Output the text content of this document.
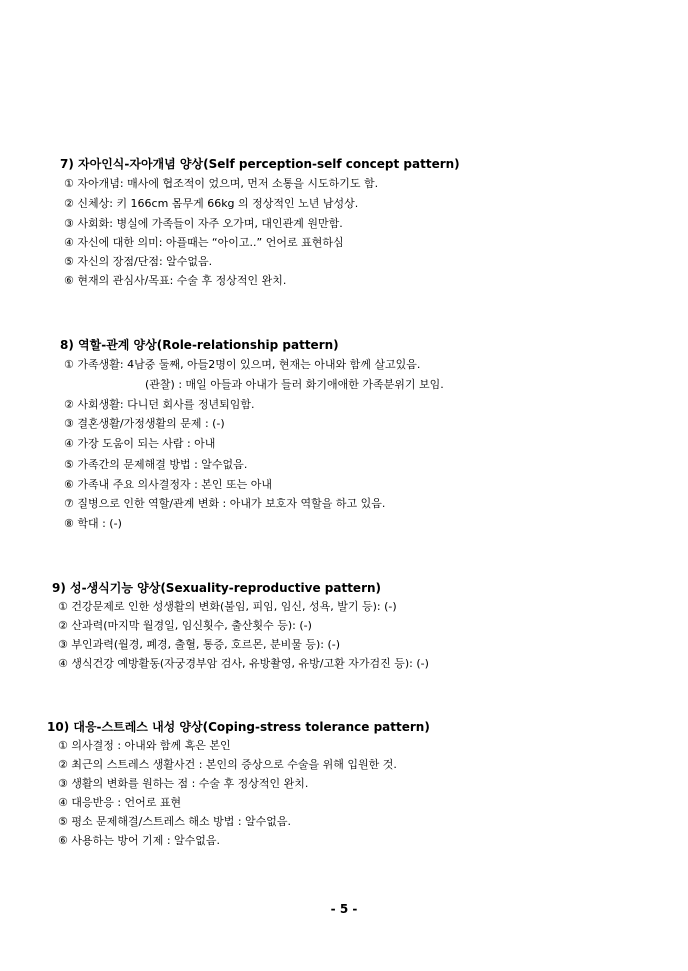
7) 자아인식-자아개념 양상(Self perception-self concept pattern)
① 자아개념: 매사에 협조적이 었으며, 먼저 소통을 시도하기도 함.
② 신체상: 키 166cm 몸무게 66kg 의 정상적인 노년 남성상.
③ 사회화: 병실에 가족들이 자주 오가며, 대인관계 원만함.
④ 자신에 대한 의미: 아플때는 “아이고..” 언어로 표현하심
⑤ 자신의 장점/단점: 알수없음.
⑥ 현재의 관심사/목표: 수술 후 정상적인 완치.
8) 역할-관계 양상(Role-relationship pattern)
① 가족생활: 4남중 둘째, 아들2명이 있으며, 현재는 아내와 함께 살고있음.
(관찰) : 매일 아들과 아내가 들러 화기애애한 가족분위기 보임.
② 사회생활: 다니던 회사를 정년퇴임함.
③ 결혼생활/가정생활의 문제 : (-)
④ 가장 도움이 되는 사람 : 아내
⑤ 가족간의 문제해결 방법 : 알수없음.
⑥ 가족내 주요 의사결정자 : 본인 또는 아내
⑦ 질병으로 인한 역할/관계 변화 : 아내가 보호자 역할을 하고 있음.
⑧ 학대 : (-)
9) 성-생식기능 양상(Sexuality-reproductive pattern)
① 건강문제로 인한 성생활의 변화(불임, 피임, 임신, 성욕, 발기 등): (-)
② 산과력(마지막 월경일, 임신횟수, 출산횟수 등): (-)
③ 부인과력(월경, 폐경, 출혈, 통증, 호르몬, 분비물 등): (-)
④ 생식건강 예방활동(자궁경부암 검사, 유방촬영, 유방/고환 자가검진 등): (-)
10) 대응-스트레스 내성 양상(Coping-stress tolerance pattern)
① 의사결정 : 아내와 함께 혹은 본인
② 최근의 스트레스 생활사건 : 본인의 증상으로 수술을 위해 입원한 것.
③ 생활의 변화를 원하는 점 : 수술 후 정상적인 완치.
④ 대응반응 : 언어로 표현
⑤ 평소 문제해결/스트레스 해소 방법 : 알수없음.
⑥ 사용하는 방어 기제 : 알수없음.
- 5 -
